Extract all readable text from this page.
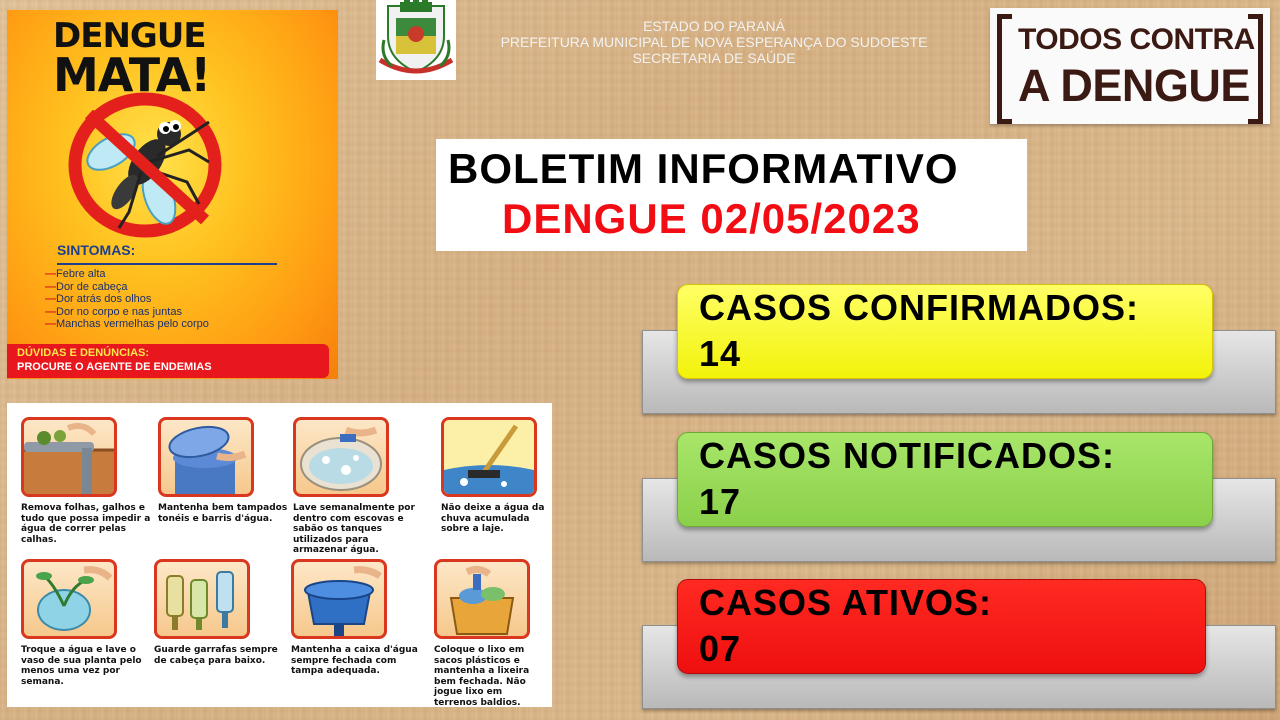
DENGUE
MATA!
SINTOMAS:
— Febre alta
— Dor de cabeça
— Dor atrás dos olhos
— Dor no corpo e nas juntas
— Manchas vermelhas pelo corpo
DÚVIDAS E DENÚNCIAS:
PROCURE O AGENTE DE ENDEMIAS
Remova folhas, galhos e tudo que possa impedir a água de correr pelas calhas.
Mantenha bem tampados tonéis e barris d'água.
Lave semanalmente por dentro com escovas e sabão os tanques utilizados para armazenar água.
Não deixe a água da chuva acumulada sobre a laje.
Troque a água e lave o vaso de sua planta pelo menos uma vez por semana.
Guarde garrafas sempre de cabeça para baixo.
Mantenha a caixa d'água sempre fechada com tampa adequada.
Coloque o lixo em sacos plásticos e mantenha a lixeira bem fechada. Não jogue lixo em terrenos baldios.
ESTADO DO PARANÁ
PREFEITURA MUNICIPAL DE NOVA ESPERANÇA DO SUDOESTE
SECRETARIA DE SAÚDE
TODOS CONTRA
A DENGUE
BOLETIM INFORMATIVO
DENGUE 02/05/2023
CASOS CONFIRMADOS:
14
CASOS NOTIFICADOS:
17
CASOS ATIVOS:
07
